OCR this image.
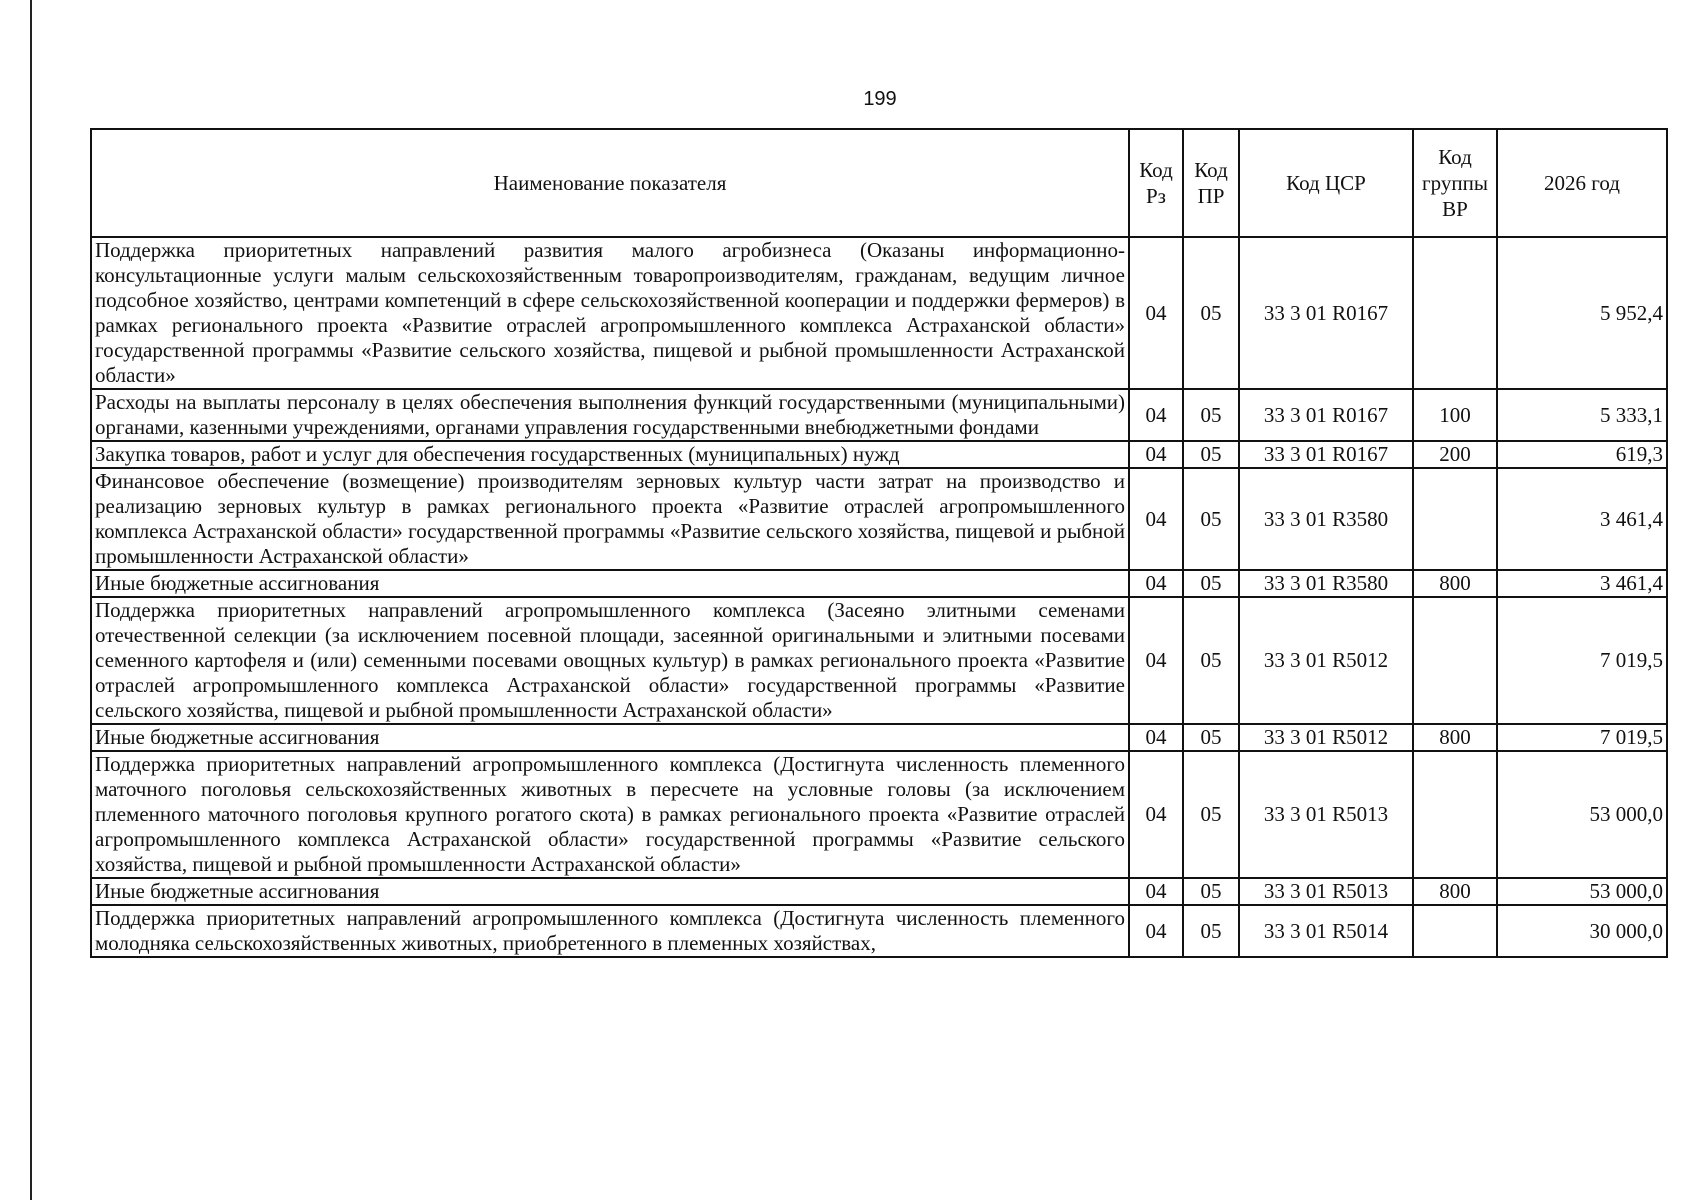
199
Наименование показателя	Код Рз	Код ПР	Код ЦСР	Код группы ВР	2026 год
Поддержка приоритетных направлений развития малого агробизнеса (Оказаны информационно-консультационные услуги малым сельскохозяйственным товаропроизводителям, гражданам, ведущим личное подсобное хозяйство, центрами компетенций в сфере сельскохозяйственной кооперации и поддержки фермеров) в рамках регионального проекта «Развитие отраслей агропромышленного комплекса Астраханской области» государственной программы «Развитие сельского хозяйства, пищевой и рыбной промышленности Астраханской области»	04	05	33 3 01 R0167		5 952,4
Расходы на выплаты персоналу в целях обеспечения выполнения функций государственными (муниципальными) органами, казенными учреждениями, органами управления государственными внебюджетными фондами	04	05	33 3 01 R0167	100	5 333,1
Закупка товаров, работ и услуг для обеспечения государственных (муниципальных) нужд	04	05	33 3 01 R0167	200	619,3
Финансовое обеспечение (возмещение) производителям зерновых культур части затрат на производство и реализацию зерновых культур в рамках регионального проекта «Развитие отраслей агропромышленного комплекса Астраханской области» государственной программы «Развитие сельского хозяйства, пищевой и рыбной промышленности Астраханской области»	04	05	33 3 01 R3580		3 461,4
Иные бюджетные ассигнования	04	05	33 3 01 R3580	800	3 461,4
Поддержка приоритетных направлений агропромышленного комплекса (Засеяно элитными семенами отечественной селекции (за исключением посевной площади, засеянной оригинальными и элитными посевами семенного картофеля и (или) семенными посевами овощных культур) в рамках регионального проекта «Развитие отраслей агропромышленного комплекса Астраханской области» государственной программы «Развитие сельского хозяйства, пищевой и рыбной промышленности Астраханской области»	04	05	33 3 01 R5012		7 019,5
Иные бюджетные ассигнования	04	05	33 3 01 R5012	800	7 019,5
Поддержка приоритетных направлений агропромышленного комплекса (Достигнута численность племенного маточного поголовья сельскохозяйственных животных в пересчете на условные головы (за исключением племенного маточного поголовья крупного рогатого скота) в рамках регионального проекта «Развитие отраслей агропромышленного комплекса Астраханской области» государственной программы «Развитие сельского хозяйства, пищевой и рыбной промышленности Астраханской области»	04	05	33 3 01 R5013		53 000,0
Иные бюджетные ассигнования	04	05	33 3 01 R5013	800	53 000,0
Поддержка приоритетных направлений агропромышленного комплекса (Достигнута численность племенного молодняка сельскохозяйственных животных, приобретенного в племенных хозяйствах,	04	05	33 3 01 R5014		30 000,0
